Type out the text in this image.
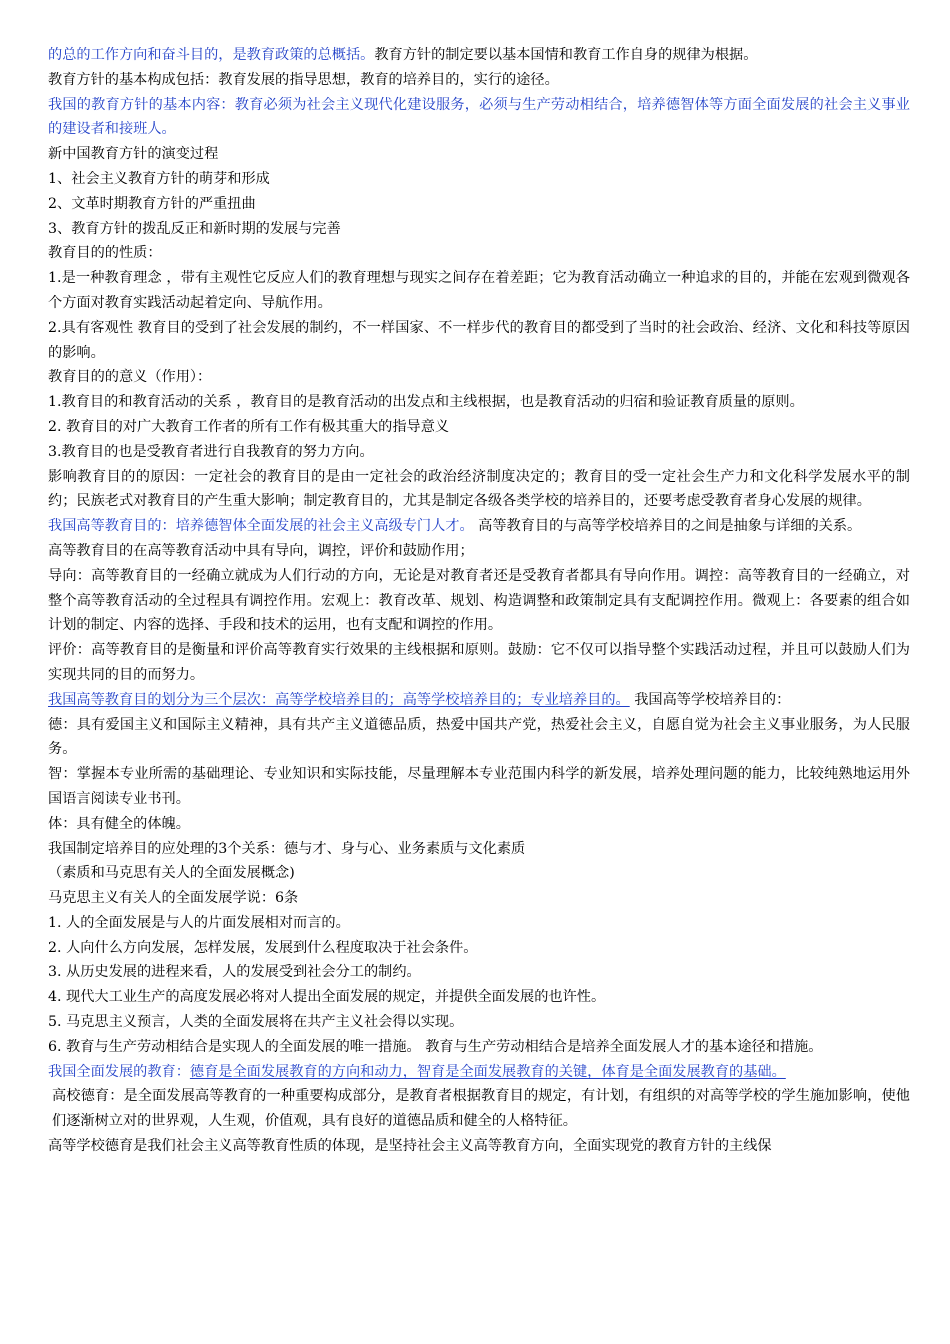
的总的工作方向和奋斗目的，是教育政策的总概括。教育方针的制定要以基本国情和教育工作自身的规律为根据。

教育方针的基本构成包括：教育发展的指导思想，教育的培养目的，实行的途径。

我国的教育方针的基本内容：教育必须为社会主义现代化建设服务，必须与生产劳动相结合，培养德智体等方面全面发展的社会主义事业的建设者和接班人。

新中国教育方针的演变过程

1、社会主义教育方针的萌芽和形成

2、文革时期教育方针的严重扭曲

3、教育方针的拨乱反正和新时期的发展与完善

教育目的的性质：

1.是一种教育理念 ，带有主观性它反应人们的教育理想与现实之间存在着差距；它为教育活动确立一种追求的目的，并能在宏观到微观各个方面对教育实践活动起着定向、导航作用。

2.具有客观性 教育目的受到了社会发展的制约，不一样国家、不一样步代的教育目的都受到了当时的社会政治、经济、文化和科技等原因的影响。

教育目的的意义（作用）：

1.教育目的和教育活动的关系 ，教育目的是教育活动的出发点和主线根据，也是教育活动的归宿和验证教育质量的原则。

2. 教育目的对广大教育工作者的所有工作有极其重大的指导意义

3.教育目的也是受教育者进行自我教育的努力方向。

影响教育目的的原因：一定社会的教育目的是由一定社会的政治经济制度决定的；教育目的受一定社会生产力和文化科学发展水平的制约；民族老式对教育目的产生重大影响；制定教育目的，尤其是制定各级各类学校的培养目的，还要考虑受教育者身心发展的规律。

我国高等教育目的：培养德智体全面发展的社会主义高级专门人才。 高等教育目的与高等学校培养目的之间是抽象与详细的关系。

高等教育目的在高等教育活动中具有导向，调控，评价和鼓励作用；

导向：高等教育目的一经确立就成为人们行动的方向，无论是对教育者还是受教育者都具有导向作用。调控：高等教育目的一经确立，对整个高等教育活动的全过程具有调控作用。宏观上：教育改革、规划、构造调整和政策制定具有支配调控作用。微观上：各要素的组合如计划的制定、内容的选择、手段和技术的运用，也有支配和调控的作用。

评价：高等教育目的是衡量和评价高等教育实行效果的主线根据和原则。鼓励：它不仅可以指导整个实践活动过程，并且可以鼓励人们为实现共同的目的而努力。

我国高等教育目的划分为三个层次：高等学校培养目的；高等学校培养目的；专业培养目的。 我国高等学校培养目的：

德：具有爱国主义和国际主义精神，具有共产主义道德品质，热爱中国共产党，热爱社会主义，自愿自觉为社会主义事业服务，为人民服务。

智：掌握本专业所需的基础理论、专业知识和实际技能，尽量理解本专业范围内科学的新发展，培养处理问题的能力，比较纯熟地运用外国语言阅读专业书刊。

体：具有健全的体魄。

我国制定培养目的应处理的3个关系：德与才、身与心、业务素质与文化素质

（素质和马克思有关人的全面发展概念)

马克思主义有关人的全面发展学说：6条

1. 人的全面发展是与人的片面发展相对而言的。

2. 人向什么方向发展，怎样发展，发展到什么程度取决于社会条件。

3. 从历史发展的进程来看，人的发展受到社会分工的制约。

4. 现代大工业生产的高度发展必将对人提出全面发展的规定，并提供全面发展的也许性。

5. 马克思主义预言，人类的全面发展将在共产主义社会得以实现。

6. 教育与生产劳动相结合是实现人的全面发展的唯一措施。 教育与生产劳动相结合是培养全面发展人才的基本途径和措施。

我国全面发展的教育：德育是全面发展教育的方向和动力，智育是全面发展教育的关键，体育是全面发展教育的基础。

高校德育：是全面发展高等教育的一种重要构成部分，是教育者根据教育目的规定，有计划，有组织的对高等学校的学生施加影响，使他们逐渐树立对的世界观，人生观，价值观，具有良好的道德品质和健全的人格特征。

高等学校德育是我们社会主义高等教育性质的体现，是坚持社会主义高等教育方向，全面实现党的教育方针的主线保
